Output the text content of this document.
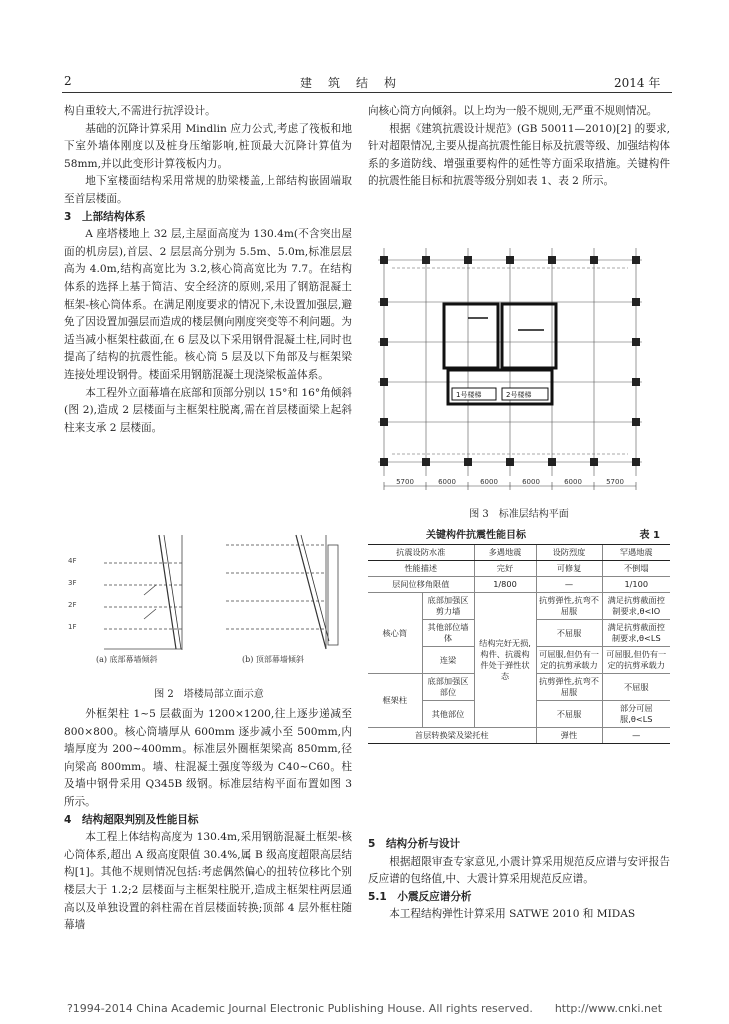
2	建　筑　结　构	2014 年

构自重较大,不需进行抗浮设计。

基础的沉降计算采用 Mindlin 应力公式,考虑了筏板和地下室外墙体刚度以及桩身压缩影响,桩顶最大沉降计算值为 58mm,并以此变形计算筏板内力。

地下室楼面结构采用常规的肋梁楼盖,上部结构嵌固端取至首层楼面。

3　上部结构体系

A 座塔楼地上 32 层,主屋面高度为 130.4m(不含突出屋面的机房层),首层、2 层层高分别为 5.5m、5.0m,标准层层高为 4.0m,结构高宽比为 3.2,核心筒高宽比为 7.7。在结构体系的选择上基于简洁、安全经济的原则,采用了钢筋混凝土框架-核心筒体系。在满足刚度要求的情况下,未设置加强层,避免了因设置加强层而造成的楼层侧向刚度突变等不利问题。为适当减小框架柱截面,在 6 层及以下采用钢骨混凝土柱,同时也提高了结构的抗震性能。核心筒 5 层及以下角部及与框架梁连接处埋设钢骨。楼面采用钢筋混凝土现浇梁板盖体系。

本工程外立面幕墙在底部和顶部分别以 15°和 16°角倾斜(图 2),造成 2 层楼面与主框架柱脱离,需在首层楼面梁上起斜柱来支承 2 层楼面。

4F
3F
2F
1F
(a) 底部幕墙倾斜	(b) 顶部幕墙倾斜
图 2　塔楼局部立面示意

外框架柱 1~5 层截面为 1200×1200,往上逐步递减至 800×800。核心筒墙厚从 600mm 逐步减小至 500mm,内墙厚度为 200~400mm。标准层外圈框架梁高 850mm,径向梁高 800mm。墙、柱混凝土强度等级为 C40~C60。柱及墙中钢骨采用 Q345B 级钢。标准层结构平面布置如图 3 所示。

4　结构超限判别及性能目标

本工程上体结构高度为 130.4m,采用钢筋混凝土框架-核心筒体系,超出 A 级高度限值 30.4%,属 B 级高度超限高层结构[1]。其他不规则情况包括:考虑偶然偏心的扭转位移比个别楼层大于 1.2;2 层楼面与主框架柱脱开,造成主框架柱两层通高以及单独设置的斜柱需在首层楼面转换;顶部 4 层外框柱随幕墙

向核心筒方向倾斜。以上均为一般不规则,无严重不规则情况。

根据《建筑抗震设计规范》(GB 50011—2010)[2] 的要求,针对超限情况,主要从提高抗震性能目标及抗震等级、加强结构体系的多道防线、增强重要构件的延性等方面采取措施。关键构件的抗震性能目标和抗震等级分别如表 1、表 2 所示。

1号楼梯	2号楼梯
5700	6000	6000	6000	6000	5700
图 3　标准层结构平面
关键构件抗震性能目标	表 1
抗震设防水准		多遇地震	设防烈度	罕遇地震
性能描述		完好	可修复	不倒塌
层间位移角限值		1/800	—	1/100
核心筒	底部加强区剪力墙	结构完好无损,构件、抗震构件处于弹性状态	抗剪弹性,抗弯不屈服	满足抗剪截面控制要求,θ<IO
	其他部位墙体		不屈服	满足抗剪截面控制要求,θ<LS
	连梁		可屈服,但仍有一定的抗剪承载力	可屈服,但仍有一定的抗剪承载力
框架柱	底部加强区部位		抗剪弹性,抗弯不屈服	不屈服
	其他部位		不屈服	部分可屈服,θ<LS
首层转换梁及梁托柱			弹性	—

5　结构分析与设计

根据超限审查专家意见,小震计算采用规范反应谱与安评报告反应谱的包络值,中、大震计算采用规范反应谱。

5.1　小震反应谱分析

本工程结构弹性计算采用 SATWE 2010 和 MIDAS

?1994-2014 China Academic Journal Electronic Publishing House. All rights reserved.　　http://www.cnki.net
